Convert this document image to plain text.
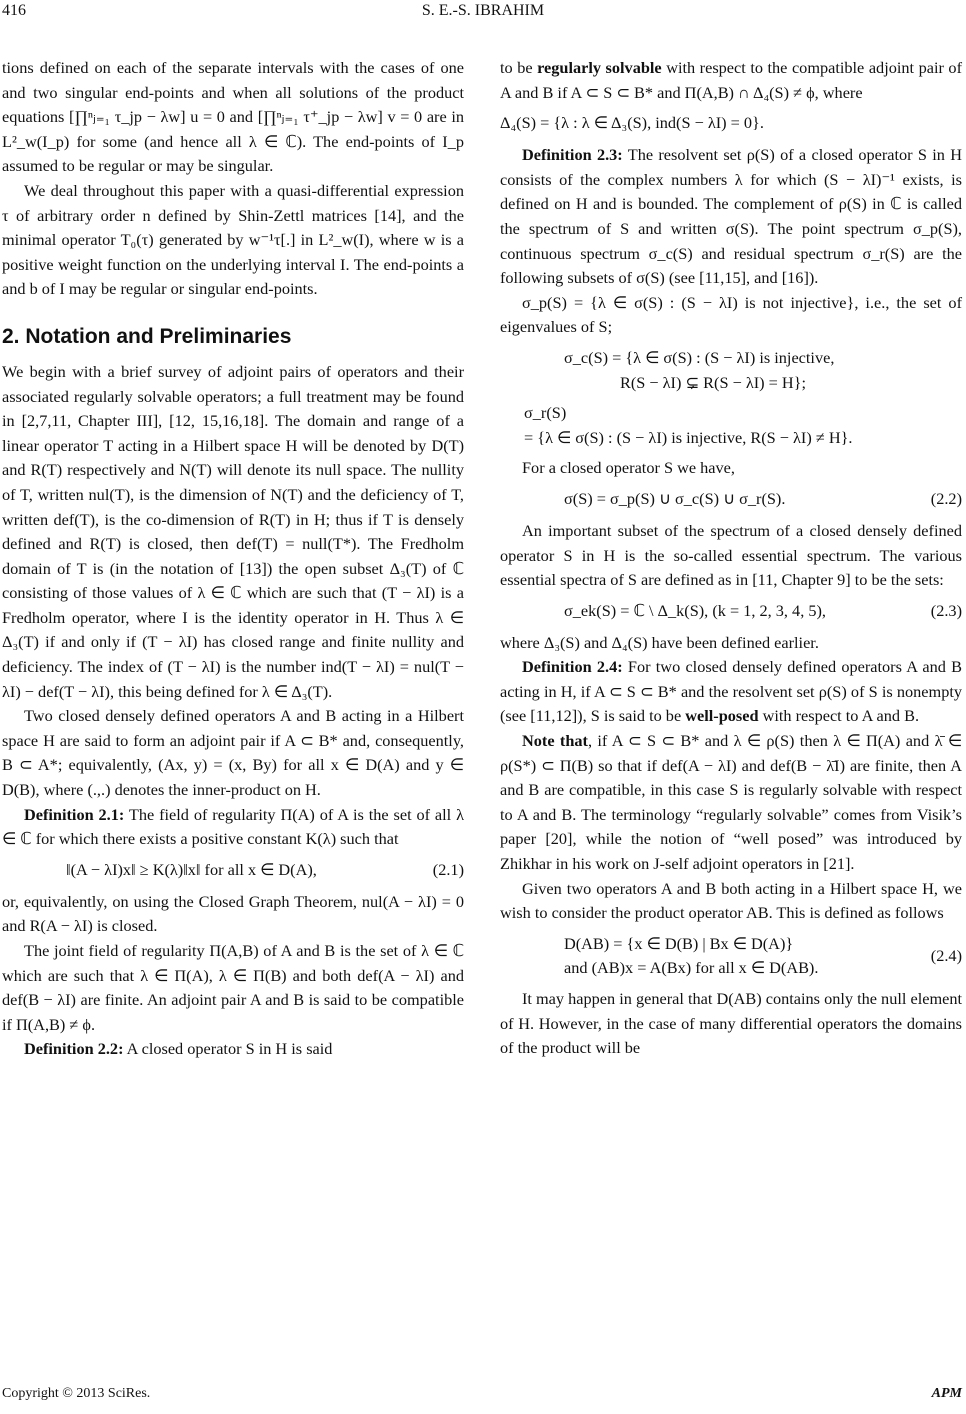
416	S. E.-S. IBRAHIM

tions defined on each of the separate intervals with the cases of one and two singular end-points and when all solutions of the product equations [∏ⁿⱼ₌₁ τ_jp − λw] u = 0 and [∏ⁿⱼ₌₁ τ⁺_jp − λw] v = 0 are in L²_w(I_p) for some (and hence all λ ∈ ℂ). The end-points of I_p assumed to be regular or may be singular.

We deal throughout this paper with a quasi-differential expression τ of arbitrary order n defined by Shin-Zettl matrices [14], and the minimal operator T₀(τ) generated by w⁻¹τ[.] in L²_w(I), where w is a positive weight function on the underlying interval I. The end-points a and b of I may be regular or singular end-points.

2. Notation and Preliminaries

We begin with a brief survey of adjoint pairs of operators and their associated regularly solvable operators; a full treatment may be found in [2,7,11, Chapter III], [12, 15,16,18]. The domain and range of a linear operator T acting in a Hilbert space H will be denoted by D(T) and R(T) respectively and N(T) will denote its null space. The nullity of T, written nul(T), is the dimension of N(T) and the deficiency of T, written def(T), is the co-dimension of R(T) in H; thus if T is densely defined and R(T) is closed, then def(T) = null(T*). The Fredholm domain of T is (in the notation of [13]) the open subset Δ₃(T) of ℂ consisting of those values of λ ∈ ℂ which are such that (T − λI) is a Fredholm operator, where I is the identity operator in H. Thus λ ∈ Δ₃(T) if and only if (T − λI) has closed range and finite nullity and deficiency. The index of (T − λI) is the number ind(T − λI) = nul(T − λI) − def(T − λI), this being defined for λ ∈ Δ₃(T).

Two closed densely defined operators A and B acting in a Hilbert space H are said to form an adjoint pair if A ⊂ B* and, consequently, B ⊂ A*; equivalently, (Ax, y) = (x, By) for all x ∈ D(A) and y ∈ D(B), where (.,.) denotes the inner-product on H.

Definition 2.1: The field of regularity Π(A) of A is the set of all λ ∈ ℂ for which there exists a positive constant K(λ) such that

‖(A − λI)x‖ ≥ K(λ)‖x‖ for all x ∈ D(A),	(2.1)

or, equivalently, on using the Closed Graph Theorem, nul(A − λI) = 0 and R(A − λI) is closed.

The joint field of regularity Π(A,B) of A and B is the set of λ ∈ ℂ which are such that λ ∈ Π(A), λ ∈ Π(B) and both def(A − λI) and def(B − λI) are finite. An adjoint pair A and B is said to be compatible if Π(A,B) ≠ ϕ.

Definition 2.2: A closed operator S in H is said

to be regularly solvable with respect to the compatible adjoint pair of A and B if A ⊂ S ⊂ B* and Π(A,B) ∩ Δ₄(S) ≠ ϕ, where

Δ₄(S) = {λ : λ ∈ Δ₃(S), ind(S − λI) = 0}.

Definition 2.3: The resolvent set ρ(S) of a closed operator S in H consists of the complex numbers λ for which (S − λI)⁻¹ exists, is defined on H and is bounded. The complement of ρ(S) in ℂ is called the spectrum of S and written σ(S). The point spectrum σ_p(S), continuous spectrum σ_c(S) and residual spectrum σ_r(S) are the following subsets of σ(S) (see [11,15], and [16]).

σ_p(S) = {λ ∈ σ(S) : (S − λI) is not injective}, i.e., the set of eigenvalues of S;

σ_c(S) = {λ ∈ σ(S) : (S − λI) is injective,
R(S − λI) ⊊ R(S − λI) = H};
σ_r(S)
= {λ ∈ σ(S) : (S − λI) is injective, R(S − λI) ≠ H}.

For a closed operator S we have,

σ(S) = σ_p(S) ∪ σ_c(S) ∪ σ_r(S).	(2.2)

An important subset of the spectrum of a closed densely defined operator S in H is the so-called essential spectrum. The various essential spectra of S are defined as in [11, Chapter 9] to be the sets:

σ_ek(S) = ℂ \ Δ_k(S), (k = 1, 2, 3, 4, 5),	(2.3)

where Δ₃(S) and Δ₄(S) have been defined earlier.

Definition 2.4: For two closed densely defined operators A and B acting in H, if A ⊂ S ⊂ B* and the resolvent set ρ(S) of S is nonempty (see [11,12]), S is said to be well-posed with respect to A and B.

Note that, if A ⊂ S ⊂ B* and λ ∈ ρ(S) then λ ∈ Π(A) and λ̄ ∈ ρ(S*) ⊂ Π(B) so that if def(A − λI) and def(B − λ̄I) are finite, then A and B are compatible, in this case S is regularly solvable with respect to A and B. The terminology “regularly solvable” comes from Visik’s paper [20], while the notion of “well posed” was introduced by Zhikhar in his work on J-self adjoint operators in [21].

Given two operators A and B both acting in a Hilbert space H, we wish to consider the product operator AB. This is defined as follows

D(AB) = {x ∈ D(B) | Bx ∈ D(A)}
and (AB)x = A(Bx) for all x ∈ D(AB).
(2.4)

It may happen in general that D(AB) contains only the null element of H. However, in the case of many differential operators the domains of the product will be

Copyright © 2013 SciRes.	APM
